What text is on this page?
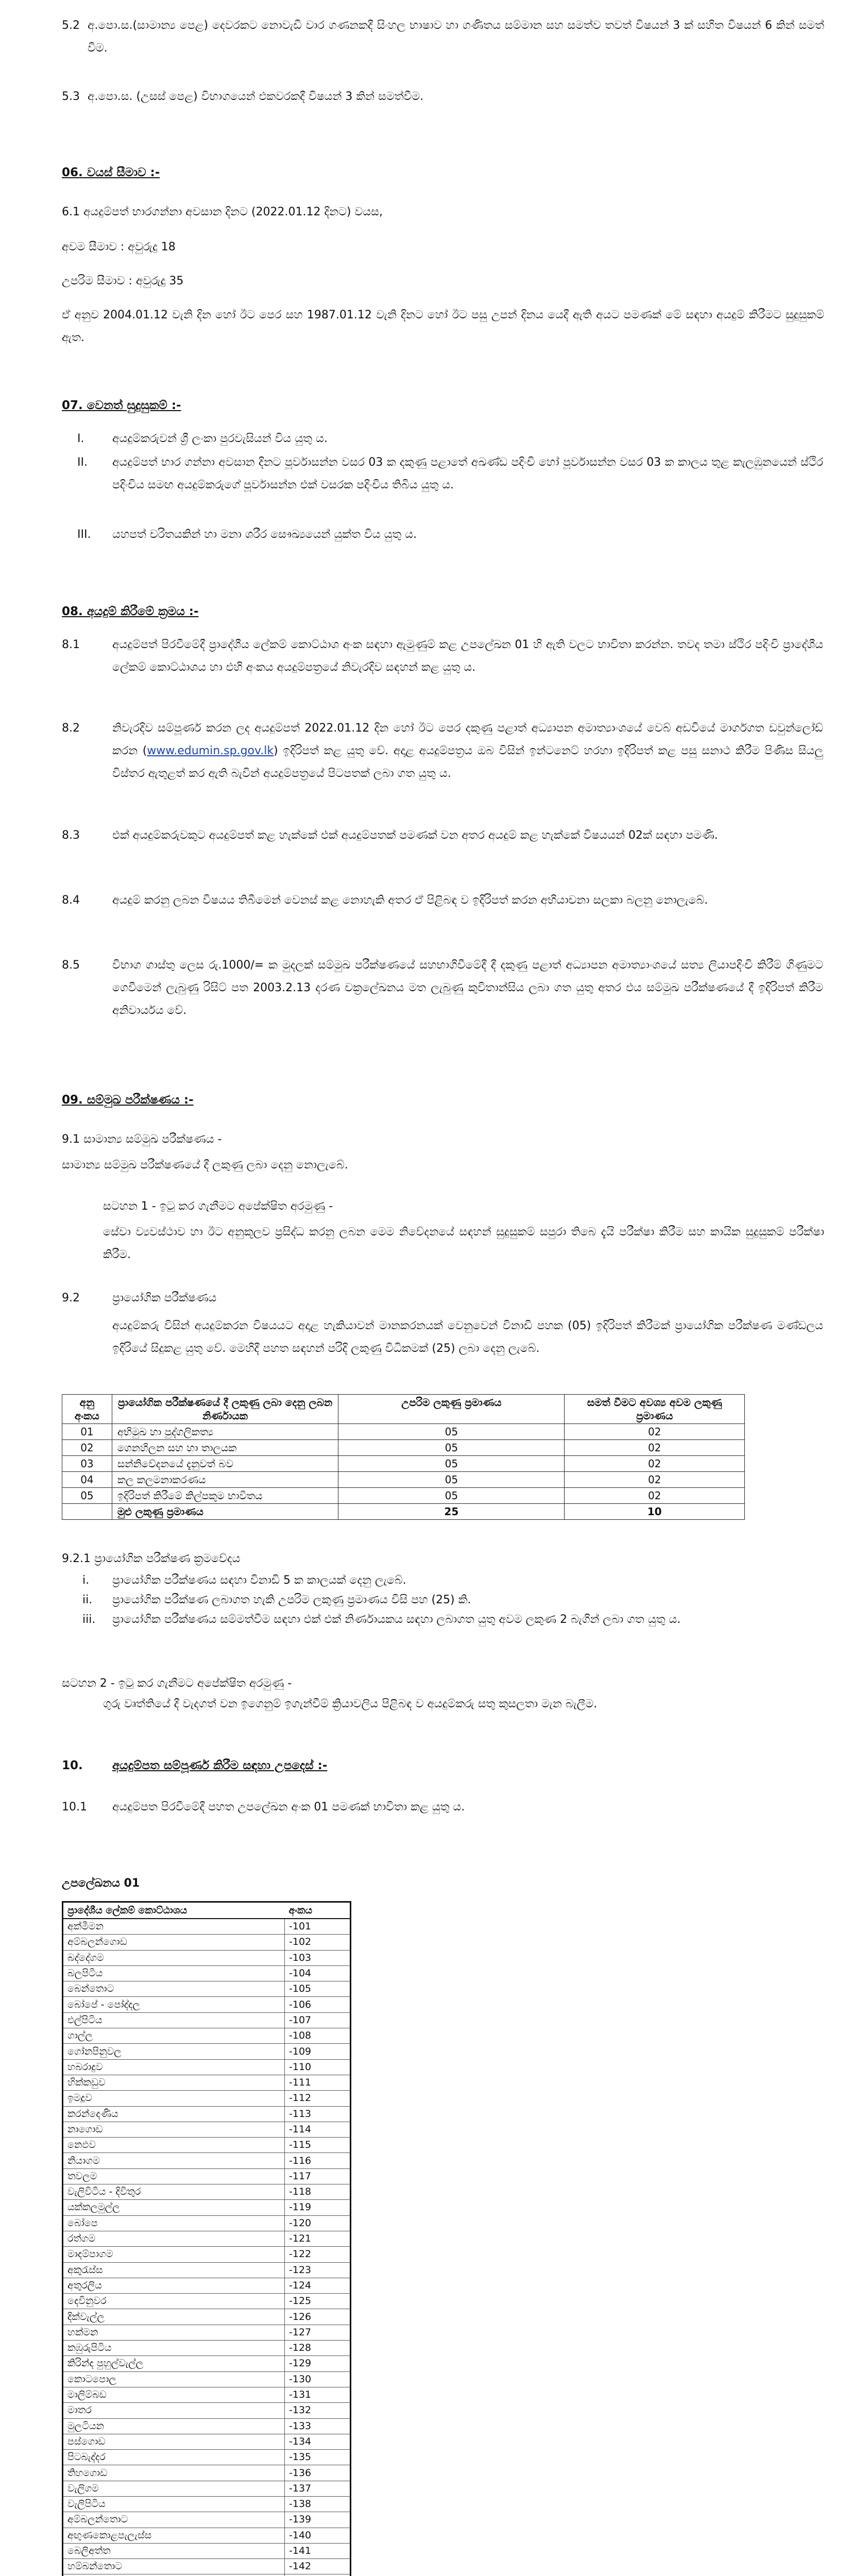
5.2 අ.පො.ස.(සාමාන්‍ය පෙළ) දෙවරකට නොවැඩි වාර ගණනකදී සිංහල භාෂාව හා ගණිතය සම්මාන සහ සමත්ව තවත් විෂයන් 3 ක් සහිත විෂයන් 6 කින් සමත් විම.
5.3 අ.පො.ස. (උසස් පෙළ) විභාගයෙන් එකවරකදී විෂයන් 3 කින් සමත්වීම.
06. වයස් සීමාව :-
6.1 අයදුම්පත් භාරගන්නා අවසාන දිනට (2022.01.12 දිනට) වයස,
අවම සීමාව : අවුරුදු 18
උපරිම සීමාව : අවුරුදු 35
ඒ අනුව 2004.01.12 වැනි දින හෝ ඊට පෙර සහ 1987.01.12 වැනි දිනට හෝ ඊට පසු උපන් දිනය යෙදී ඇති අයට පමණක් මේ සඳහා අයදුම් කිරීමට සුදුසුකම් ඇත.
07. වෙනත් සුදුසුකම් :-
I. අයදුම්කරුවන් ශ්‍රී ලංකා පුරවැසියන් විය යුතු ය.
II. අයදුම්පත් භාර ගන්නා අවසාන දිනට පූර්වාසන්න වසර 03 ක දකුණු පළාතේ අඛණ්ඩ පදිංචි හෝ පූර්වාසන්න වසර 03 ක කාලය තුළ කැලඹුනයෙන් ස්ථිර පදිංචිය සමඟ අයදුම්කරුගේ පූර්වාසන්න එක් වසරක පදිංචිය තිබිය යුතු ය.
III. යහපත් චරිතයකින් හා මනා ශරීර සෞඛ්‍යයෙන් යුක්ත විය යුතු ය.
08. අයදුම් කිරීමේ ක්‍රමය :-
8.1	අයදුම්පත් පිරවීමේදී ප්‍රාදේශීය ලේකම් කොට්ඨාශ අංක සඳහා ඇමුණුම් කළ උපලේඛන 01 හි ඇති වලට භාවිතා කරන්න. තවද තමා ස්ථිර පදිංචි ප්‍රාදේශීය ලේකම් කොට්ඨාශය හා එහි අංකය අයදුම්පත්‍රයේ නිවැරදිව සඳහන් කළ යුතු ය.
8.2	නිවැරදිව සම්පූර්ණ කරන ලද අයදුම්පත් 2022.01.12 දින හෝ ඊට පෙර දකුණු පළාත් අධ්‍යාපන අමාත්‍යාංශයේ වෙබ් අඩවියේ මාර්ගගත ඩවුන්ලෝඩ් කරන (www.edumin.sp.gov.lk) ඉදිරිපත් කළ යුතු වේ. අදාළ අයදුම්පත්‍රය ඔබ විසින් ඉන්ටනෙට් හරහා ඉදිරිපත් කළ පසු සනාථ කිරීම පිණිස සියලු විස්තර ඇතුළත් කර ඇති බැවින් අයදුම්පත්‍රයේ පිටපතක් ලබා ගත යුතු ය.
8.3	එක් අයදුම්කරුවකුට අයදුම්පත් කළ හැක්කේ එක් අයදුම්පතක් පමණක් වන අතර අයදුම් කළ හැක්කේ විෂයයන් 02ක් සඳහා පමණි.
8.4	අයදුම් කරනු ලබන විෂයය තිබීමෙන් වෙනස් කළ නොහැකි අතර ඒ පිළිබඳ ව ඉදිරිපත් කරන අභියාචනා සලකා බලනු නොලැබේ.
8.5	විභාග ගාස්තු ලෙස රු.1000/= ක මුදලක් සම්මුඛ පරීක්ෂණයේ සහභාගිවීමේදී දී දකුණු පළාත් අධ්‍යාපන අමාත්‍යාංශයේ සත්‍ය ලියාපදිංචි කිරීම් ගිණුමට ගෙවීමෙන් ලැබුණු රිසිට් පත 2003.2.13 දරණ චක්‍රලේඛනය මත ලැබුණු කුවිතාන්සිය ලබා ගත යුතු අතර එය සම්මුඛ පරීක්ෂණයේ දී ඉදිරිපත් කිරීම අනිවාර්යය වේ.
09. සම්මුඛ පරීක්ෂණය :-
9.1 සාමාන්‍ය සම්මුඛ පරීක්ෂණය -
සාමාන්‍ය සම්මුඛ පරීක්ෂණයේ දී ලකුණු ලබා දෙනු නොලැබේ.
සටහන 1 - ඉටු කර ගැනීමට අපේක්ෂිත අරමුණු -
සේවා ව්‍යවස්ථාව හා ඊට අනුකූලව ප්‍රසිද්ධ කරනු ලබන මෙම නිවේදනයේ සඳහන් සුදුසුකම් සපුරා තිබෙ දැයි පරීක්ෂා කිරීම සහ කායික සුදුසුකම් පරීක්ෂා කිරීම.
9.2	ප්‍රායෝගික පරීක්ෂණය
අයදුම්කරු විසින් අයදුම්කරන විෂයයට අදාළ හැකියාවන් මානකරනයක් වෙනුවෙන් විනාඩි පහක (05) ඉදිරිපත් කිරීමක් ප්‍රායෝගික පරීක්ෂණ මණ්ඩලය ඉදිරියේ සිදුකළ යුතු වේ. මෙහිදී පහත සඳහන් පරිදි ලකුණු විධිකමක් (25) ලබා දෙනු ලැබේ.
අනු අංකය	ප්‍රායෝගික පරීක්ෂණයේ දී ලකුණු ලබා දෙනු ලබන නිර්ණායක	උපරිම ලකුණු ප්‍රමාණය	සමත් වීමට අවශ්‍ය අවම ලකුණු ප්‍රමාණය
01	අභිමුඛ හා පුද්ගලිකත්‍ය	05	02
02	ගෙනහිලන සහ හා තාලයක	05	02
03	සන්නිවේදනයේ දැනුවත් බව	05	02
04	කල කලමනාකරණය	05	02
05	ඉදිරිපත් කිරීමේ කිල්පකුම භාවිතය	05	02
	මුළු ලකුණු ප්‍රමාණය	25	10
9.2.1 ප්‍රායෝගික පරීක්ෂණ ක්‍රමවේදය
i. ප්‍රායෝගික පරීක්ෂණය සඳහා විනාඩි 5 ක කාලයක් දෙනු ලැබේ.
ii. ප්‍රායෝගික පරීක්ෂණ ලබාගත හැකි උපරිම ලකුණු ප්‍රමාණය විසි පහ (25) කි.
iii. ප්‍රායෝගික පරීක්ෂණය සම්මත්වීම සඳහා එක් එක් නිර්ණායකය සඳහා ලබාගත යුතු අවම ලකුණ 2 බැගින් ලබා ගත යුතු ය.
සටහන 2 - ඉටු කර ගැනීමට අපේක්ෂිත අරමුණු -
ගුරු වෘත්තියේ දී වැදගත් වන ඉගෙනුම් ඉගැන්වීම් ක්‍රියාවලිය පිළිබඳ ව අයදුම්කරු සතු කුසලතා මැන බැලීම.
10. අයදුම්පත සම්පූර්ණ කිරීම සඳහා උපදෙස් :-
10.1 අයදුම්පත පිරවීමේදී පහත උපලේඛන අංක 01 පමණක් භාවිතා කළ යුතු ය.
උපලේඛනය 01
ප්‍රාදේශීය ලේකම් කොට්ඨාශය	අංකය
අක්මීමන	-101
අම්බලන්ගොඩ	-102
බද්දේගම	-103
බලපිටිය	-104
බෙන්තොට	-105
බෝපේ - පෝද්දල	-106
එල්පිටිය	-107
ගාල්ල	-108
ගෝනපිනුවල	-109
හබරාදුව	-110
හික්කඩුව	-111
ඉමදූව	-112
කරන්දෙණිය	-113
නාගොඩ	-114
නෙඵව	-115
නියාගම	-116
තවලම	-117
වැලිවිටිය - දිවිතුර	-118
යක්කලමුල්ල	-119
බෝපෙ	-120
රත්ගම	-121
මාදම්පාගම	-122
අකුරැස්ස	-123
අතුරලිය	-124
දෙවිනුවර	-125
දික්වැල්ල	-126
හක්මන	-127
කඹුරුපිටිය	-128
කිරින්ද පුහුල්වැල්ල	-129
කොටපොල	-130
මාලිම්බඩ	-131
මාතර	-132
මුලටියන	-133
පස්ගොඩ	-134
පිටබැද්දර	-135
තිහගොඩ	-136
වැලිගම	-137
වැලිපිටිය	-138
අම්බලන්තොට	-139
අඟුණකොළපැලැස්ස	-140
බෙලිඅත්ත	-141
හම්බන්තොට	-142
